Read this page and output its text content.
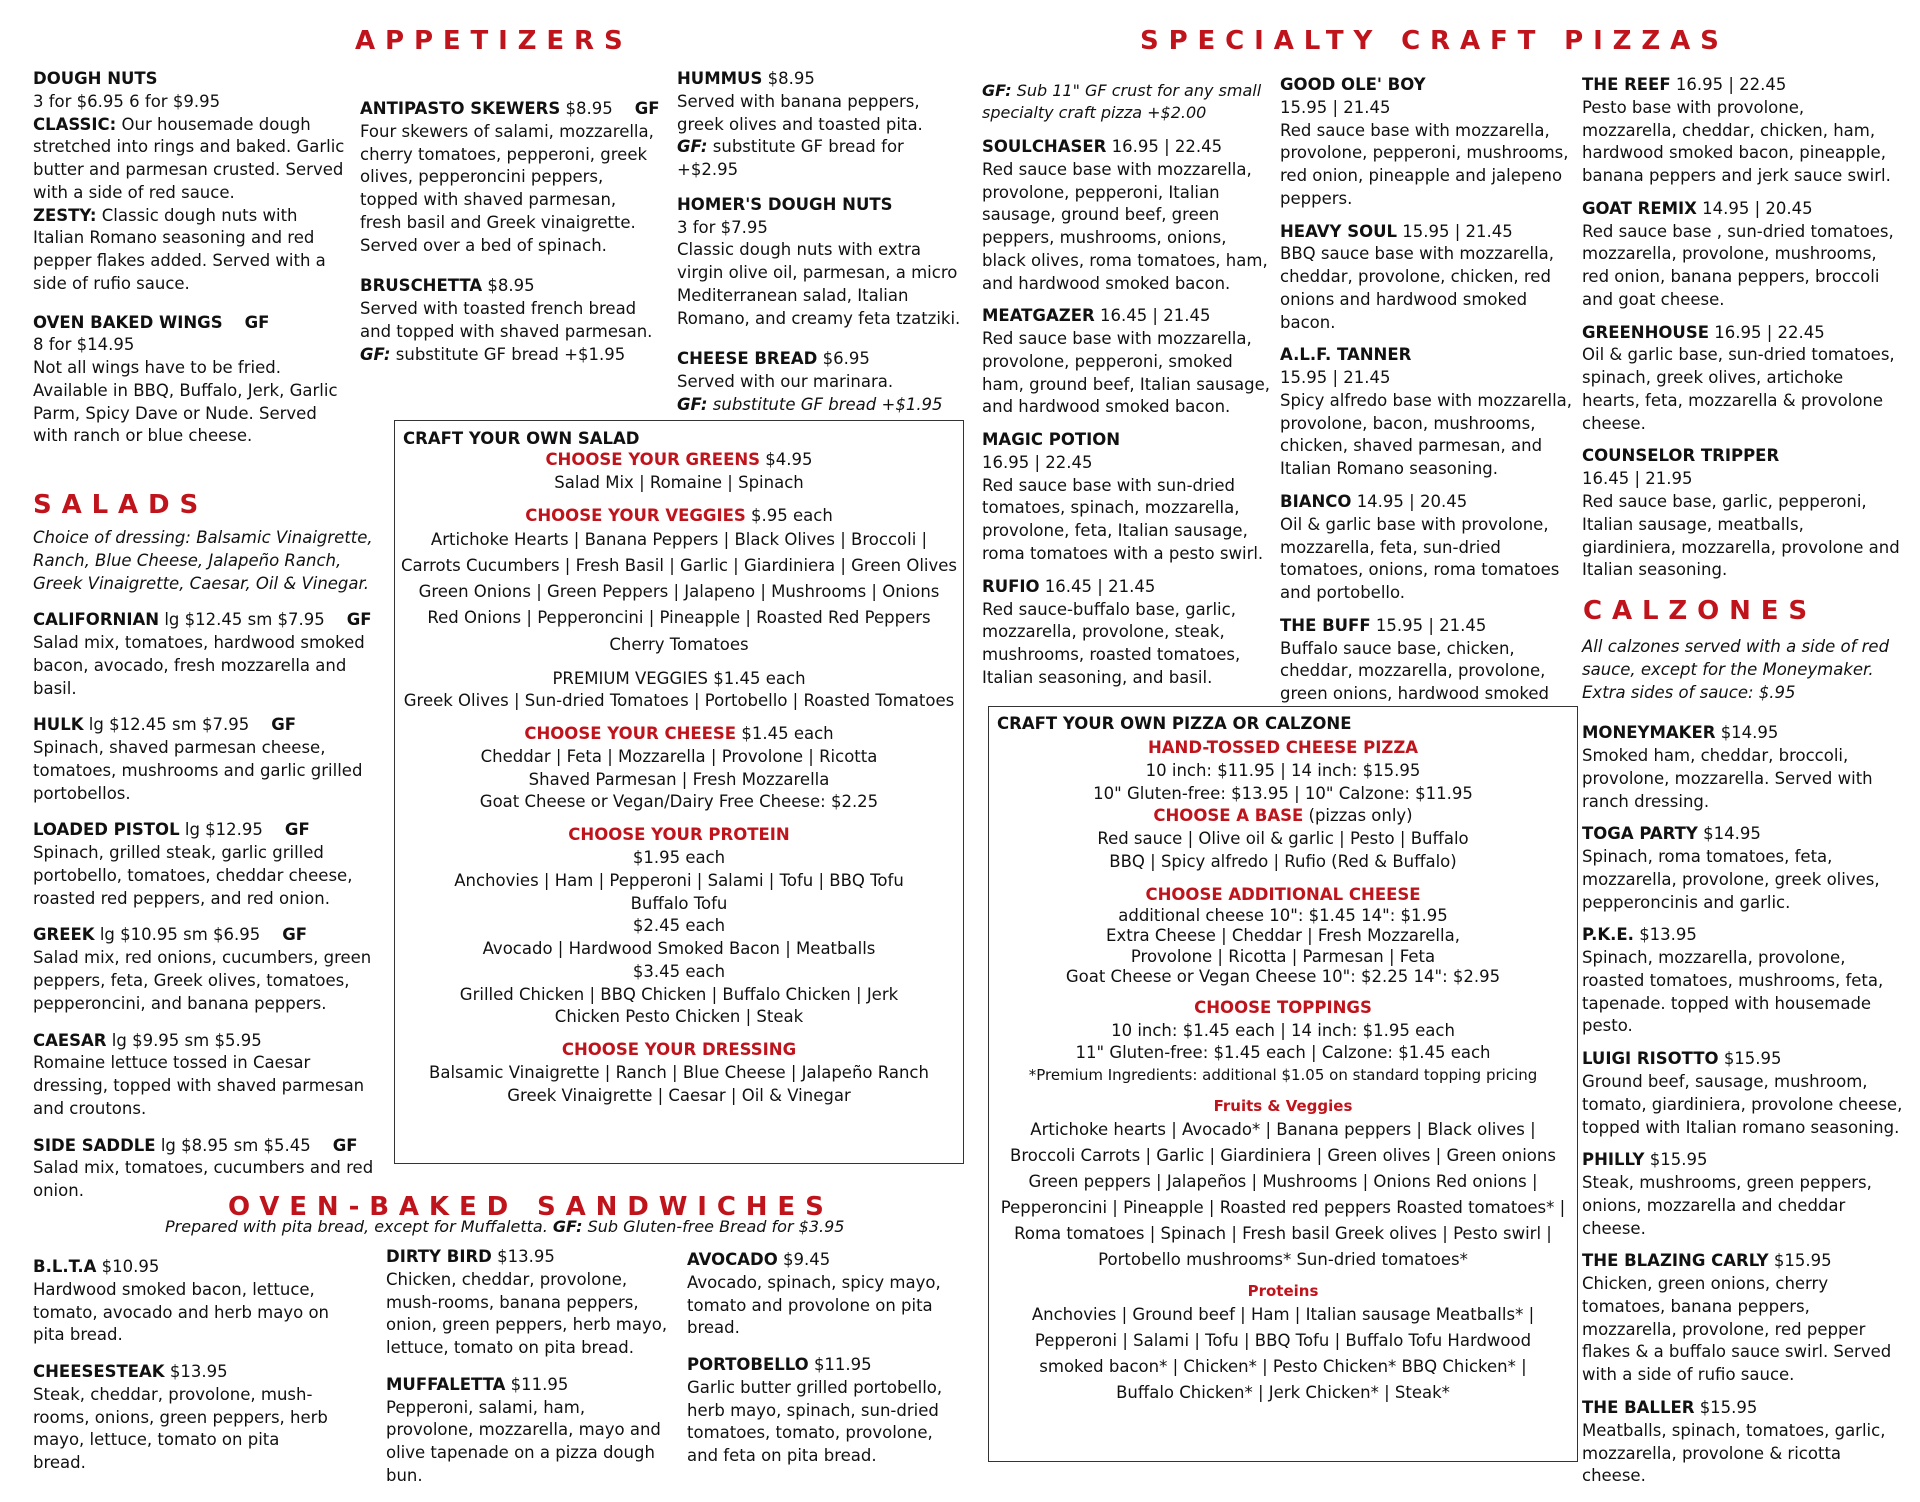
APPETIZERS	SPECIALTY CRAFT PIZZAS
SALADS
OVEN-BAKED SANDWICHES
CALZONES
DOUGH NUTS
3 for $6.95 6 for $9.95
CLASSIC: Our housemade dough stretched into rings and baked. Garlic butter and parmesan crusted. Served with a side of red sauce.
ZESTY: Classic dough nuts with Italian Romano seasoning and red pepper flakes added. Served with a side of rufio sauce.
OVEN BAKED WINGS GF
8 for $14.95
Not all wings have to be fried. Available in BBQ, Buffalo, Jerk, Garlic Parm, Spicy Dave or Nude. Served with ranch or blue cheese.
ANTIPASTO SKEWERS $8.95 GF
Four skewers of salami, mozzarella, cherry tomatoes, pepperoni, greek olives, pepperoncini peppers, topped with shaved parmesan, fresh basil and Greek vinaigrette. Served over a bed of spinach.
BRUSCHETTA $8.95
Served with toasted french bread and topped with shaved parmesan.
GF: substitute GF bread +$1.95
HUMMUS $8.95
Served with banana peppers, greek olives and toasted pita.
GF: substitute GF bread for +$2.95
HOMER'S DOUGH NUTS
3 for $7.95
Classic dough nuts with extra virgin olive oil, parmesan, a micro Mediterranean salad, Italian Romano, and creamy feta tzatziki.
CHEESE BREAD $6.95
Served with our marinara.
GF: substitute GF bread +$1.95
Choice of dressing: Balsamic Vinaigrette, Ranch, Blue Cheese, Jalapeño Ranch, Greek Vinaigrette, Caesar, Oil & Vinegar.
CALIFORNIAN lg $12.45 sm $7.95 GF
Salad mix, tomatoes, hardwood smoked bacon, avocado, fresh mozzarella and basil.
HULK lg $12.45 sm $7.95 GF
Spinach, shaved parmesan cheese, tomatoes, mushrooms and garlic grilled portobellos.
LOADED PISTOL lg $12.95 GF
Spinach, grilled steak, garlic grilled portobello, tomatoes, cheddar cheese, roasted red peppers, and red onion.
GREEK lg $10.95 sm $6.95 GF
Salad mix, red onions, cucumbers, green peppers, feta, Greek olives, tomatoes, pepperoncini, and banana peppers.
CAESAR lg $9.95 sm $5.95
Romaine lettuce tossed in Caesar dressing, topped with shaved parmesan and croutons.
SIDE SADDLE lg $8.95 sm $5.45 GF
Salad mix, tomatoes, cucumbers and red onion.
CRAFT YOUR OWN SALAD
CHOOSE YOUR GREENS $4.95
Salad Mix | Romaine | Spinach
CHOOSE YOUR VEGGIES $.95 each
Artichoke Hearts | Banana Peppers | Black Olives | Broccoli | Carrots Cucumbers | Fresh Basil | Garlic | Giardiniera | Green Olives Green Onions | Green Peppers | Jalapeno | Mushrooms | Onions Red Onions | Pepperoncini | Pineapple | Roasted Red Peppers Cherry Tomatoes
PREMIUM VEGGIES $1.45 each
Greek Olives | Sun-dried Tomatoes | Portobello | Roasted Tomatoes
CHOOSE YOUR CHEESE $1.45 each
Cheddar | Feta | Mozzarella | Provolone | Ricotta
Shaved Parmesan | Fresh Mozzarella
Goat Cheese or Vegan/Dairy Free Cheese: $2.25
CHOOSE YOUR PROTEIN
$1.95 each
Anchovies | Ham | Pepperoni | Salami | Tofu | BBQ Tofu Buffalo Tofu
$2.45 each
Avocado | Hardwood Smoked Bacon | Meatballs
$3.45 each
Grilled Chicken | BBQ Chicken | Buffalo Chicken | Jerk Chicken Pesto Chicken | Steak
CHOOSE YOUR DRESSING
Balsamic Vinaigrette | Ranch | Blue Cheese | Jalapeño Ranch
Greek Vinaigrette | Caesar | Oil & Vinegar
Prepared with pita bread, except for Muffaletta. GF: Sub Gluten-free Bread for $3.95
B.L.T.A $10.95
Hardwood smoked bacon, lettuce, tomato, avocado and herb mayo on pita bread.
CHEESESTEAK $13.95
Steak, cheddar, provolone, mush-rooms, onions, green peppers, herb mayo, lettuce, tomato on pita bread.
DIRTY BIRD $13.95
Chicken, cheddar, provolone, mush-rooms, banana peppers, onion, green peppers, herb mayo, lettuce, tomato on pita bread.
MUFFALETTA $11.95
Pepperoni, salami, ham, provolone, mozzarella, mayo and olive tapenade on a pizza dough bun.
AVOCADO $9.45
Avocado, spinach, spicy mayo, tomato and provolone on pita bread.
PORTOBELLO $11.95
Garlic butter grilled portobello, herb mayo, spinach, sun-dried tomatoes, tomato, provolone, and feta on pita bread.
GF: Sub 11" GF crust for any small specialty craft pizza +$2.00
SOULCHASER 16.95 | 22.45
Red sauce base with mozzarella, provolone, pepperoni, Italian sausage, ground beef, green peppers, mushrooms, onions, black olives, roma tomatoes, ham, and hardwood smoked bacon.
MEATGAZER 16.45 | 21.45
Red sauce base with mozzarella, provolone, pepperoni, smoked ham, ground beef, Italian sausage, and hardwood smoked bacon.
MAGIC POTION
16.95 | 22.45
Red sauce base with sun-dried tomatoes, spinach, mozzarella, provolone, feta, Italian sausage, roma tomatoes with a pesto swirl.
RUFIO 16.45 | 21.45
Red sauce-buffalo base, garlic, mozzarella, provolone, steak, mushrooms, roasted tomatoes, Italian seasoning, and basil.
GOOD OLE' BOY
15.95 | 21.45
Red sauce base with mozzarella, provolone, pepperoni, mushrooms, red onion, pineapple and jalepeno peppers.
HEAVY SOUL 15.95 | 21.45
BBQ sauce base with mozzarella, cheddar, provolone, chicken, red onions and hardwood smoked bacon.
A.L.F. TANNER
15.95 | 21.45
Spicy alfredo base with mozzarella, provolone, bacon, mushrooms, chicken, shaved parmesan, and Italian Romano seasoning.
BIANCO 14.95 | 20.45
Oil & garlic base with provolone, mozzarella, feta, sun-dried tomatoes, onions, roma tomatoes and portobello.
THE BUFF 15.95 | 21.45
Buffalo sauce base, chicken, cheddar, mozzarella, provolone, green onions, hardwood smoked
THE REEF 16.95 | 22.45
Pesto base with provolone, mozzarella, cheddar, chicken, ham, hardwood smoked bacon, pineapple, banana peppers and jerk sauce swirl.
GOAT REMIX 14.95 | 20.45
Red sauce base , sun-dried tomatoes, mozzarella, provolone, mushrooms, red onion, banana peppers, broccoli and goat cheese.
GREENHOUSE 16.95 | 22.45
Oil & garlic base, sun-dried tomatoes, spinach, greek olives, artichoke hearts, feta, mozzarella & provolone cheese.
COUNSELOR TRIPPER
16.45 | 21.95
Red sauce base, garlic, pepperoni, Italian sausage, meatballs, giardiniera, mozzarella, provolone and Italian seasoning.
CRAFT YOUR OWN PIZZA OR CALZONE
HAND-TOSSED CHEESE PIZZA
10 inch: $11.95 | 14 inch: $15.95
10" Gluten-free: $13.95 | 10" Calzone: $11.95
CHOOSE A BASE (pizzas only)
Red sauce | Olive oil & garlic | Pesto | Buffalo
BBQ | Spicy alfredo | Rufio (Red & Buffalo)
CHOOSE ADDITIONAL CHEESE
additional cheese 10": $1.45 14": $1.95
Extra Cheese | Cheddar | Fresh Mozzarella,
Provolone | Ricotta | Parmesan | Feta
Goat Cheese or Vegan Cheese 10": $2.25 14": $2.95
CHOOSE TOPPINGS
10 inch: $1.45 each | 14 inch: $1.95 each
11" Gluten-free: $1.45 each | Calzone: $1.45 each
*Premium Ingredients: additional $1.05 on standard topping pricing
Fruits & Veggies
Artichoke hearts | Avocado* | Banana peppers | Black olives | Broccoli Carrots | Garlic | Giardiniera | Green olives | Green onions Green peppers | Jalapeños | Mushrooms | Onions Red onions | Pepperoncini | Pineapple | Roasted red peppers Roasted tomatoes* | Roma tomatoes | Spinach | Fresh basil Greek olives | Pesto swirl | Portobello mushrooms* Sun-dried tomatoes*
Proteins
Anchovies | Ground beef | Ham | Italian sausage Meatballs* | Pepperoni | Salami | Tofu | BBQ Tofu | Buffalo Tofu Hardwood smoked bacon* | Chicken* | Pesto Chicken* BBQ Chicken* | Buffalo Chicken* | Jerk Chicken* | Steak*
All calzones served with a side of red sauce, except for the Moneymaker. Extra sides of sauce: $.95
MONEYMAKER $14.95
Smoked ham, cheddar, broccoli, provolone, mozzarella. Served with ranch dressing.
TOGA PARTY $14.95
Spinach, roma tomatoes, feta, mozzarella, provolone, greek olives, pepperoncinis and garlic.
P.K.E. $13.95
Spinach, mozzarella, provolone, roasted tomatoes, mushrooms, feta, tapenade. topped with housemade pesto.
LUIGI RISOTTO $15.95
Ground beef, sausage, mushroom, tomato, giardiniera, provolone cheese, topped with Italian romano seasoning.
PHILLY $15.95
Steak, mushrooms, green peppers, onions, mozzarella and cheddar cheese.
THE BLAZING CARLY $15.95
Chicken, green onions, cherry tomatoes, banana peppers, mozzarella, provolone, red pepper flakes & a buffalo sauce swirl. Served with a side of rufio sauce.
THE BALLER $15.95
Meatballs, spinach, tomatoes, garlic, mozzarella, provolone & ricotta cheese.
